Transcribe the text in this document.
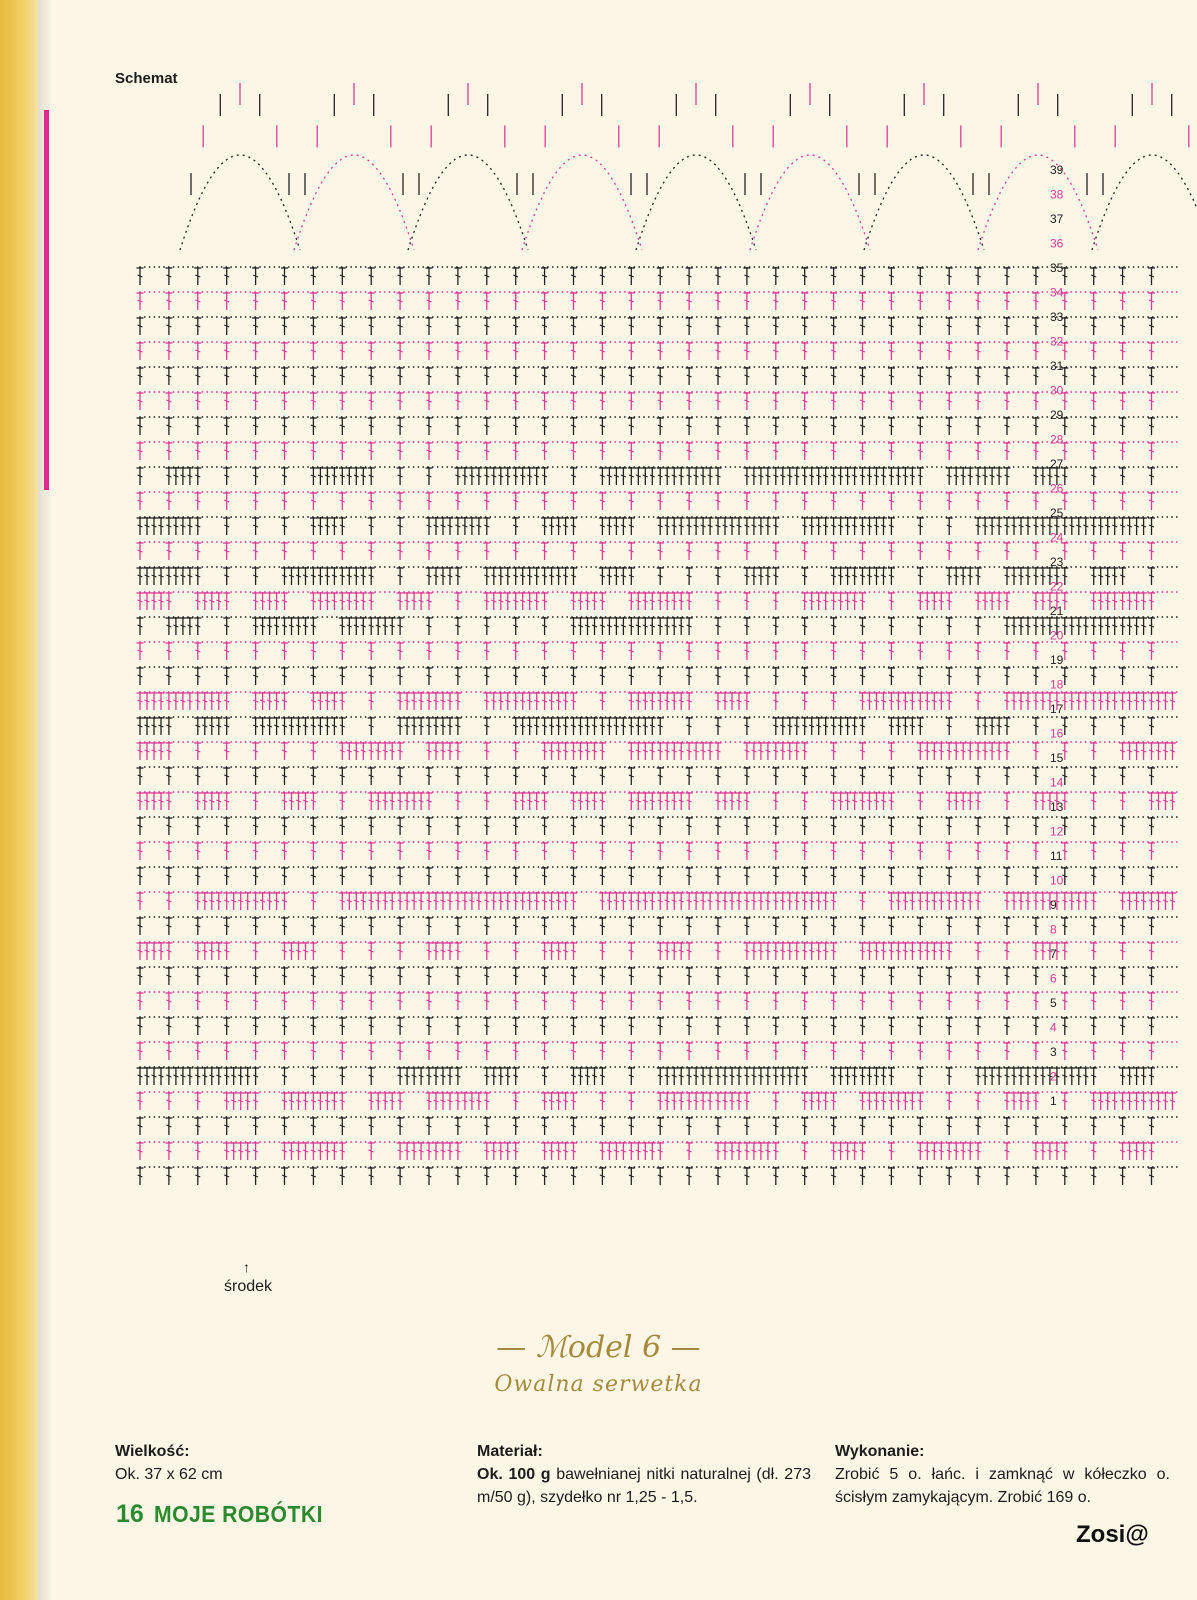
Schemat
1
2
3
4
5
6
7
8
9
10
11
12
13
14
15
16
17
18
19
20
21
22
23
24
25
26
27
28
29
30
31
32
33
34
35
36
37
38
39
↑
środek
— ℳodel 6 —
Owalna serwetka
Wielkość:
Ok. 37 x 62 cm
Materiał:
Ok. 100 g bawełnianej nitki naturalnej (dł. 273 m/50 g), szydełko nr 1,25 - 1,5.
Wykonanie:
Zrobić 5 o. łańc. i zamknąć w kółeczko o. ścisłym zamykającym. Zrobić 169 o.
16 MOJE ROBÓTKI
Zosi@
